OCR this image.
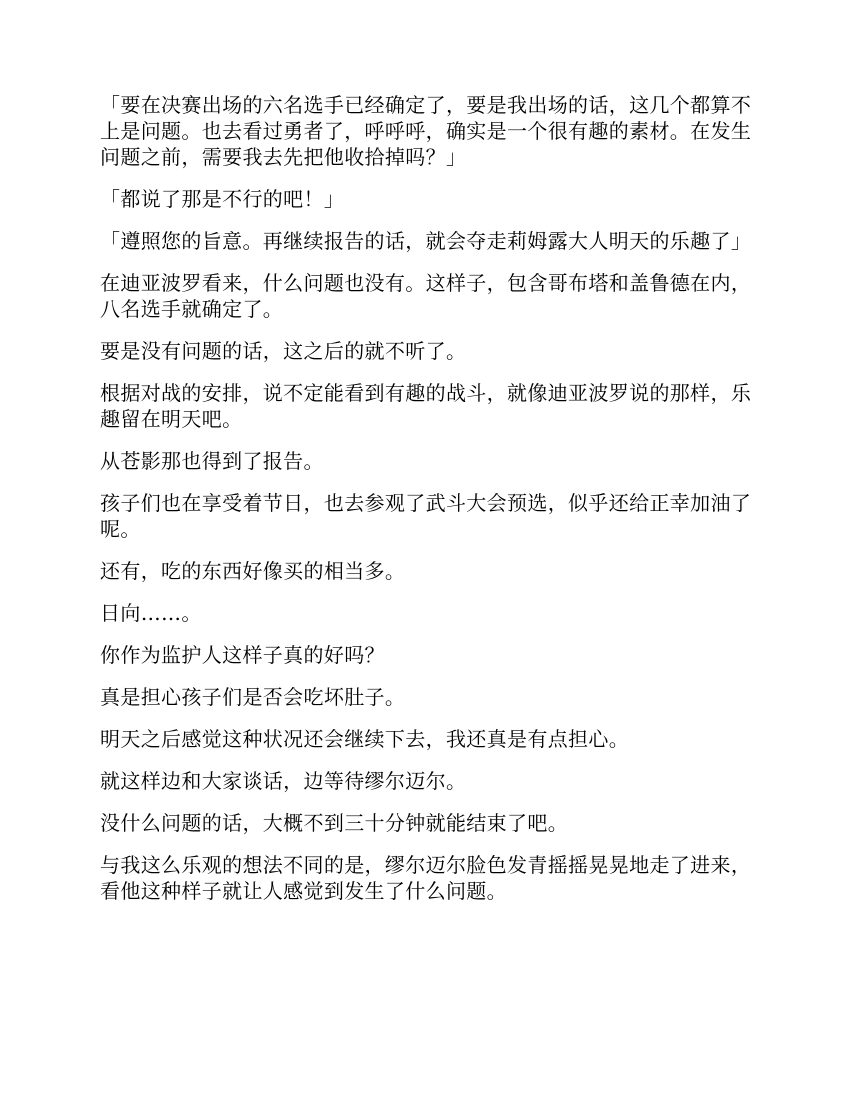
「要在决赛出场的六名选手已经确定了，要是我出场的话，这几个都算不上是问题。也去看过勇者了，呼呼呼，确实是一个很有趣的素材。在发生问题之前，需要我去先把他收拾掉吗？」

「都说了那是不行的吧！」

「遵照您的旨意。再继续报告的话，就会夺走莉姆露大人明天的乐趣了」

在迪亚波罗看来，什么问题也没有。这样子，包含哥布塔和盖鲁德在内，八名选手就确定了。

要是没有问题的话，这之后的就不听了。

根据对战的安排，说不定能看到有趣的战斗，就像迪亚波罗说的那样，乐趣留在明天吧。

从苍影那也得到了报告。

孩子们也在享受着节日，也去参观了武斗大会预选，似乎还给正幸加油了呢。

还有，吃的东西好像买的相当多。

日向……。

你作为监护人这样子真的好吗？

真是担心孩子们是否会吃坏肚子。

明天之后感觉这种状况还会继续下去，我还真是有点担心。

就这样边和大家谈话，边等待缪尔迈尔。

没什么问题的话，大概不到三十分钟就能结束了吧。

与我这么乐观的想法不同的是，缪尔迈尔脸色发青摇摇晃晃地走了进来，看他这种样子就让人感觉到发生了什么问题。
